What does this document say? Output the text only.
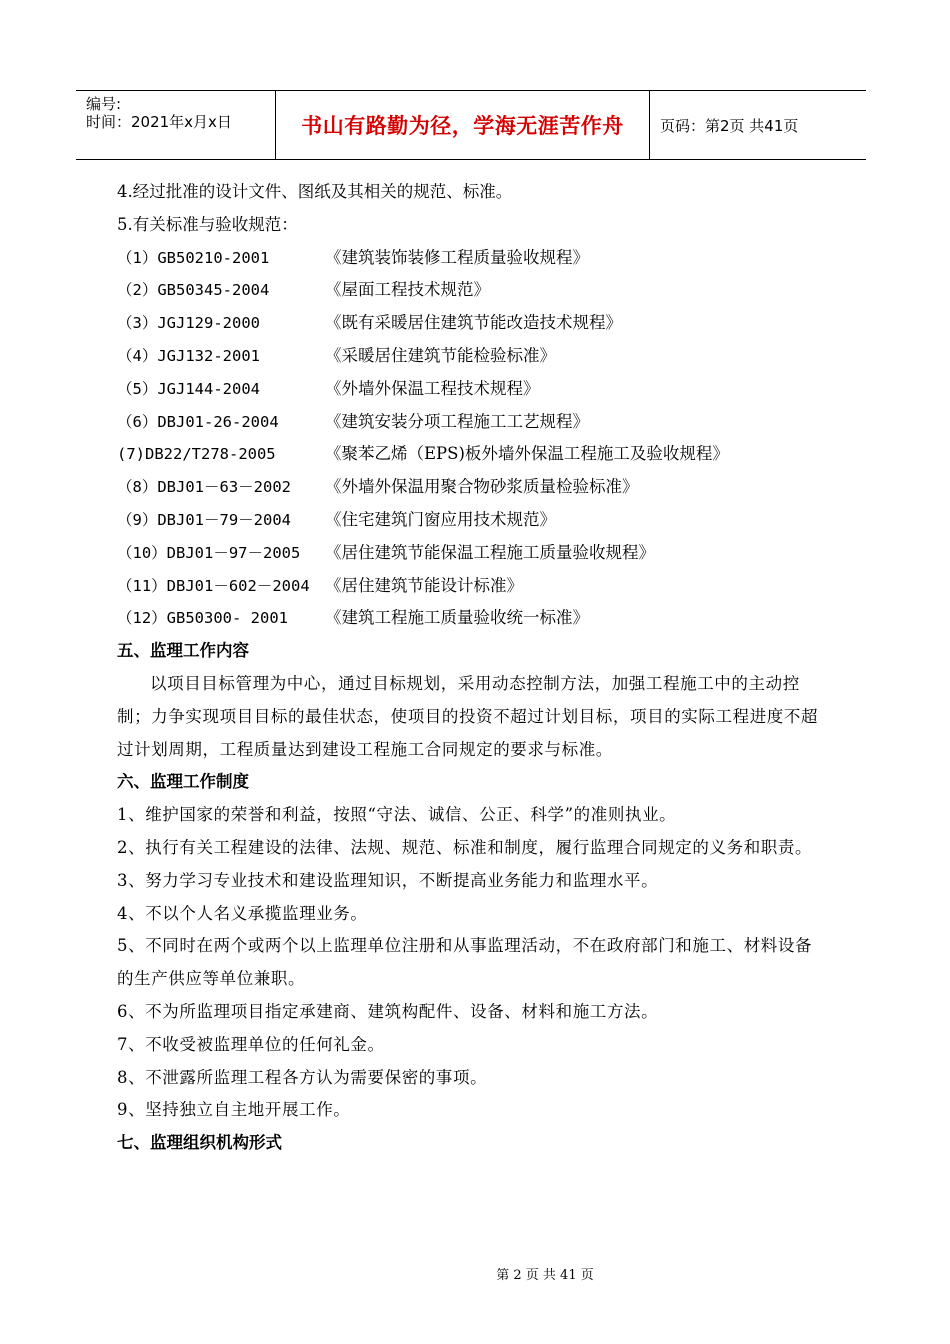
编号:
时间：2021年x月x日	书山有路勤为径，学海无涯苦作舟 页码：第2页 共41页
4.经过批准的设计文件、图纸及其相关的规范、标准。
5.有关标准与验收规范：
（1）GB50210-2001	《建筑装饰装修工程质量验收规程》
（2）GB50345-2004	《屋面工程技术规范》
（3）JGJ129-2000	《既有采暖居住建筑节能改造技术规程》
（4）JGJ132-2001	《采暖居住建筑节能检验标准》
（5）JGJ144-2004	《外墙外保温工程技术规程》
（6）DBJ01-26-2004	《建筑安装分项工程施工工艺规程》
(7)DB22/T278-2005	《聚苯乙烯（EPS)板外墙外保温工程施工及验收规程》
（8）DBJ01－63－2002	《外墙外保温用聚合物砂浆质量检验标准》
（9）DBJ01－79－2004	《住宅建筑门窗应用技术规范》
（10）DBJ01－97－2005	《居住建筑节能保温工程施工质量验收规程》
（11）DBJ01－602－2004 《居住建筑节能设计标准》
（12）GB50300- 2001	《建筑工程施工质量验收统一标准》
五、监理工作内容
以项目目标管理为中心，通过目标规划，采用动态控制方法，加强工程施工中的主动控制；力争实现项目目标的最佳状态，使项目的投资不超过计划目标，项目的实际工程进度不超过计划周期，工程质量达到建设工程施工合同规定的要求与标准。
六、监理工作制度
1、维护国家的荣誉和利益，按照“守法、诚信、公正、科学”的准则执业。
2、执行有关工程建设的法律、法规、规范、标准和制度，履行监理合同规定的义务和职责。
3、努力学习专业技术和建设监理知识，不断提高业务能力和监理水平。
4、不以个人名义承揽监理业务。
5、不同时在两个或两个以上监理单位注册和从事监理活动，不在政府部门和施工、材料设备的生产供应等单位兼职。
6、不为所监理项目指定承建商、建筑构配件、设备、材料和施工方法。
7、不收受被监理单位的任何礼金。
8、不泄露所监理工程各方认为需要保密的事项。
9、坚持独立自主地开展工作。
七、监理组织机构形式
第 2 页 共 41 页
